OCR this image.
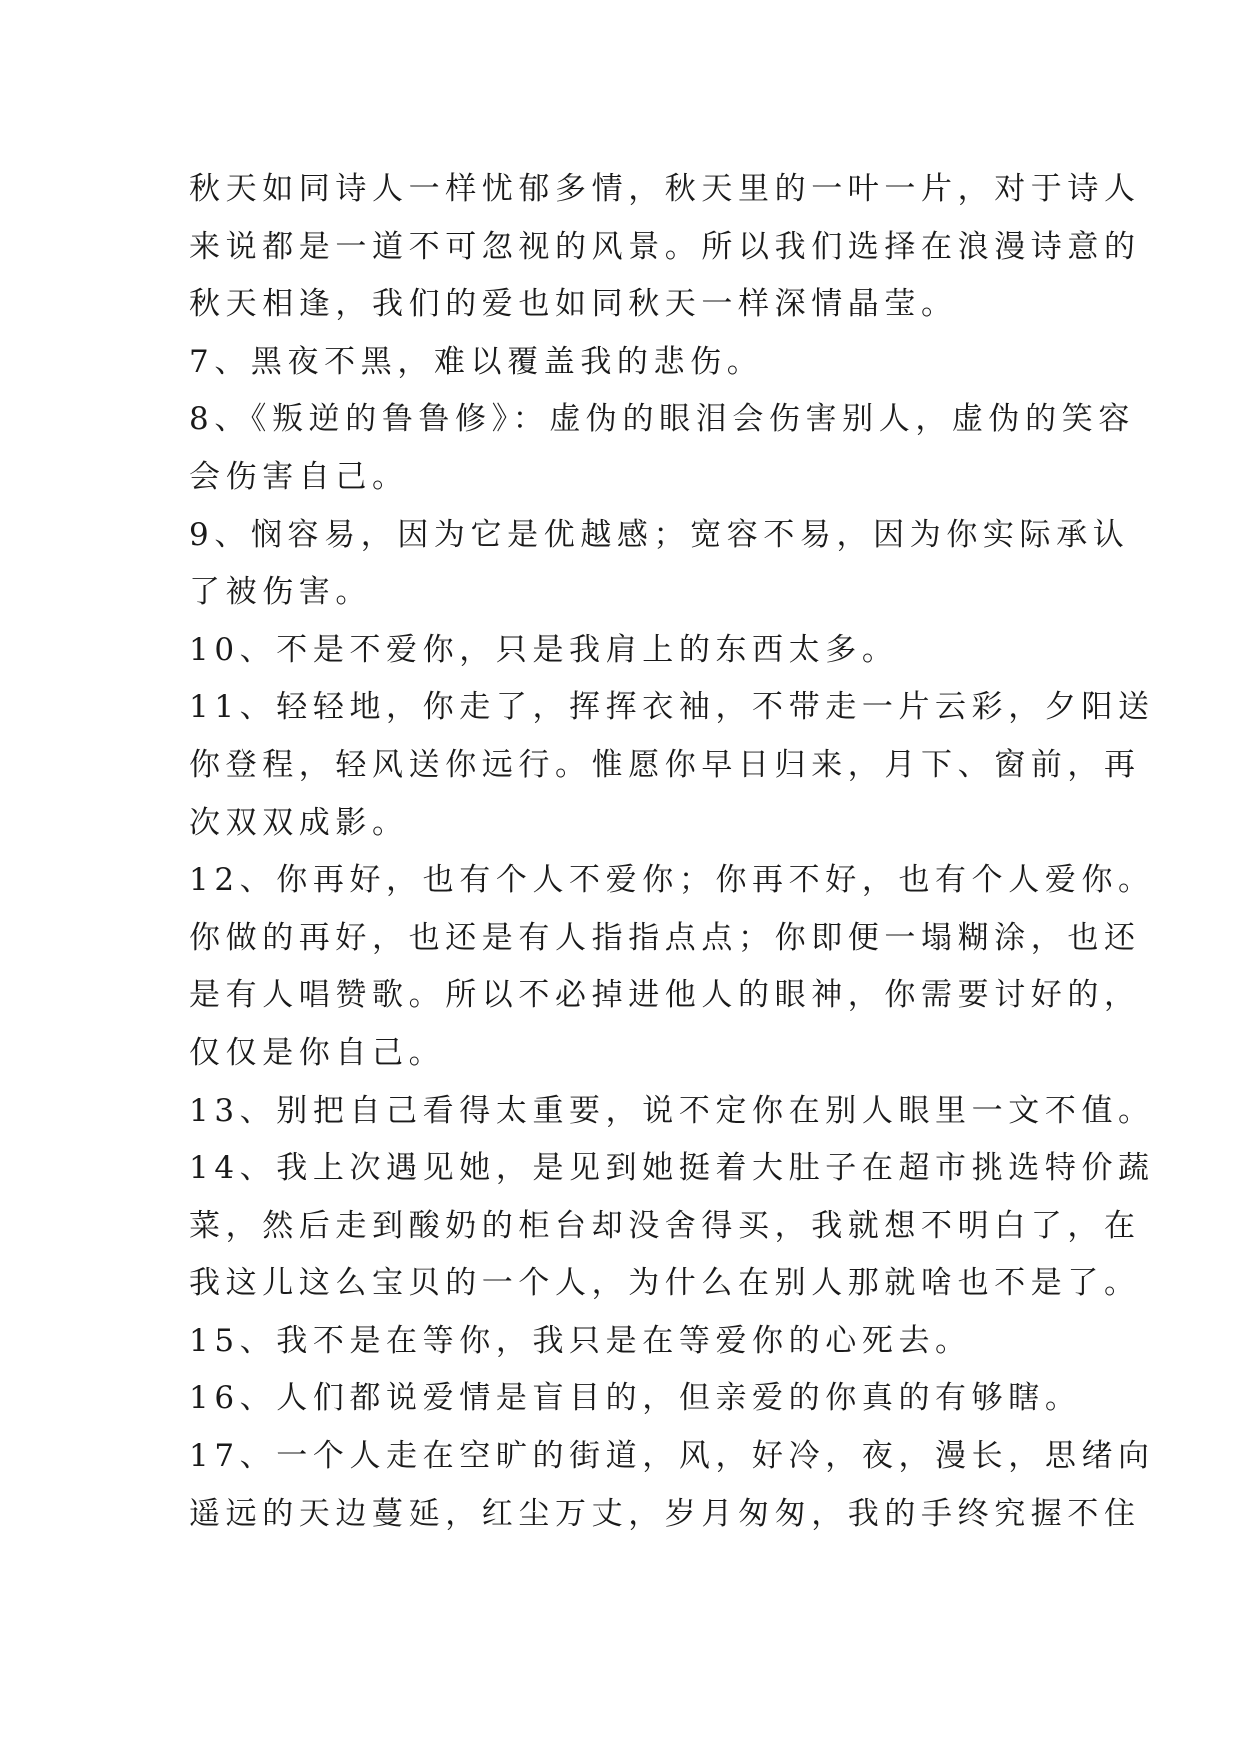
秋天如同诗人一样忧郁多情，秋天里的一叶一片，对于诗人
来说都是一道不可忽视的风景。所以我们选择在浪漫诗意的
秋天相逢，我们的爱也如同秋天一样深情晶莹。
7、黑夜不黑，难以覆盖我的悲伤。
8、《叛逆的鲁鲁修》：虚伪的眼泪会伤害别人，虚伪的笑容
会伤害自己。
9、悯容易，因为它是优越感；宽容不易，因为你实际承认
了被伤害。
10、不是不爱你，只是我肩上的东西太多。
11、轻轻地，你走了，挥挥衣袖，不带走一片云彩，夕阳送
你登程，轻风送你远行。惟愿你早日归来，月下、窗前，再
次双双成影。
12、你再好，也有个人不爱你；你再不好，也有个人爱你。
你做的再好，也还是有人指指点点；你即便一塌糊涂，也还
是有人唱赞歌。所以不必掉进他人的眼神，你需要讨好的，
仅仅是你自己。
13、别把自己看得太重要，说不定你在别人眼里一文不值。
14、我上次遇见她，是见到她挺着大肚子在超市挑选特价蔬
菜，然后走到酸奶的柜台却没舍得买，我就想不明白了，在
我这儿这么宝贝的一个人，为什么在别人那就啥也不是了。
15、我不是在等你，我只是在等爱你的心死去。
16、人们都说爱情是盲目的，但亲爱的你真的有够瞎。
17、一个人走在空旷的街道，风，好冷，夜，漫长，思绪向
遥远的天边蔓延，红尘万丈，岁月匆匆，我的手终究握不住
